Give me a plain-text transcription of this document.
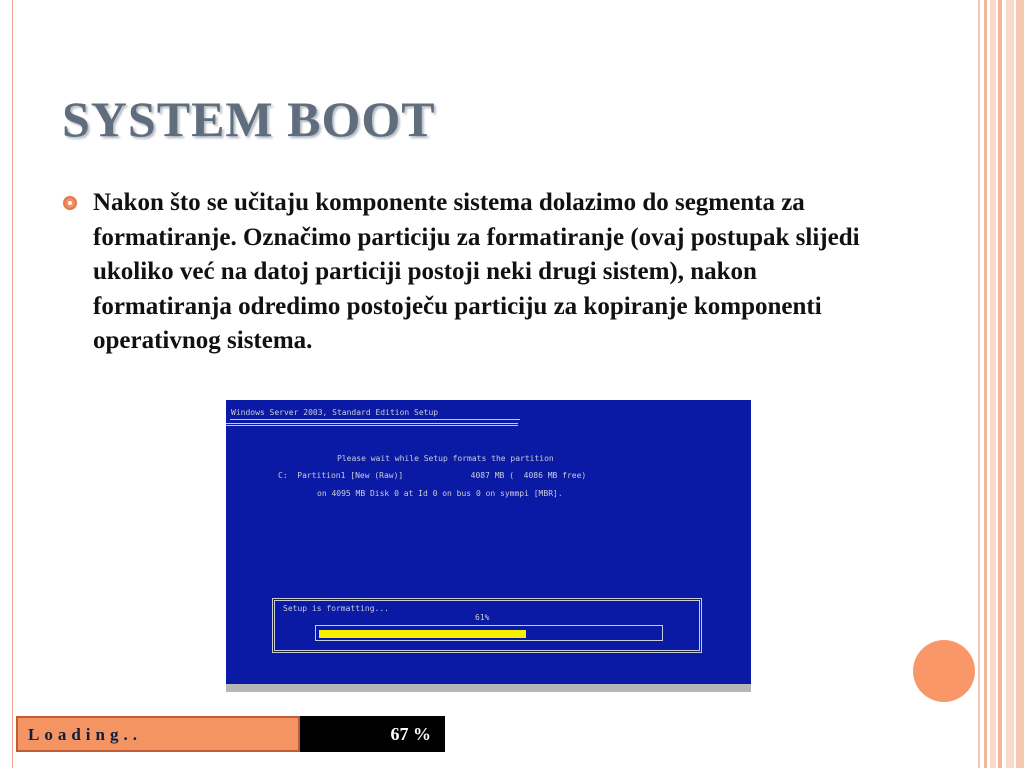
SYSTEM BOOT

Nakon što se učitaju komponente sistema dolazimo do segmenta za formatiranje. Označimo particiju za formatiranje (ovaj postupak slijedi ukoliko već na datoj particiji postoji neki drugi sistem), nakon formatiranja odredimo postoječu particiju za kopiranje komponenti operativnog sistema.

Windows Server 2003, Standard Edition Setup
Please wait while Setup formats the partition
C:  Partition1 [New (Raw)]              4087 MB (  4086 MB free)
on 4095 MB Disk 0 at Id 0 on bus 0 on symmpi [MBR].
Setup is formatting...
61%
Loading..	67 %
